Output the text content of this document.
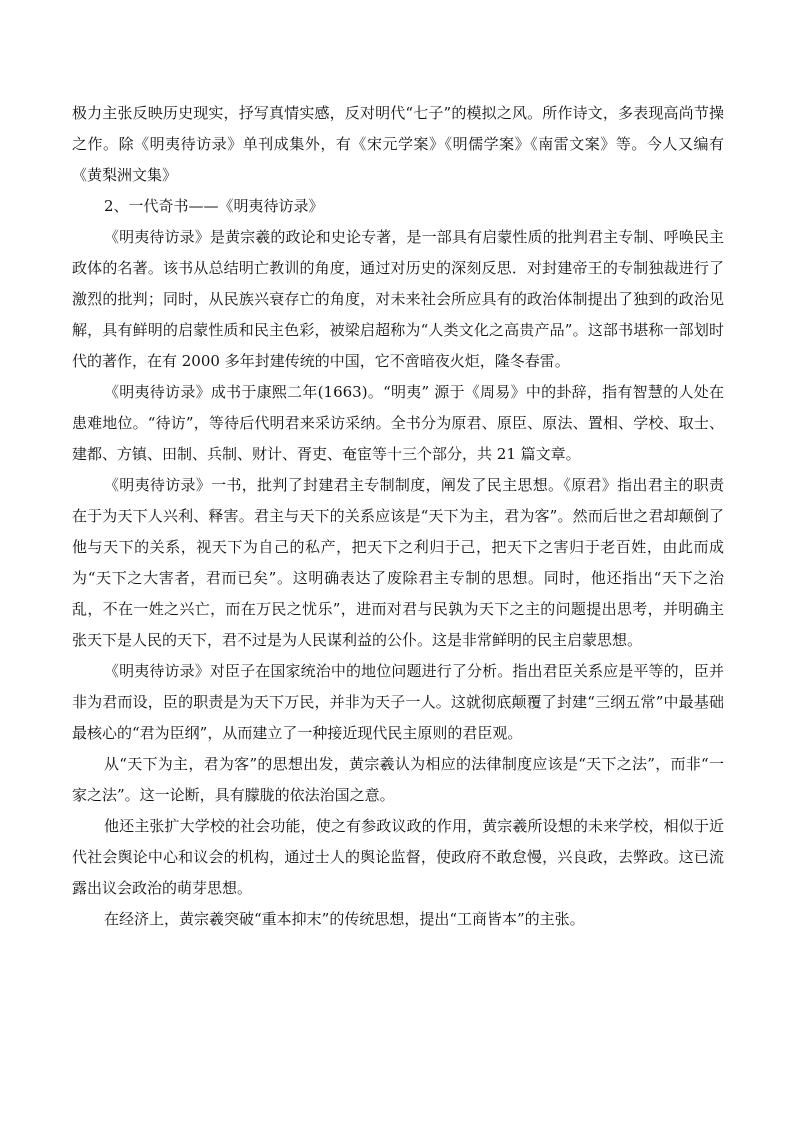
极力主张反映历史现实，抒写真情实感，反对明代“七子”的模拟之风。所作诗文，多表现高尚节操之作。除《明夷待访录》单刊成集外，有《宋元学案》《明儒学案》《南雷文案》等。今人又编有《黄梨洲文集》

2、一代奇书——《明夷待访录》

《明夷待访录》是黄宗羲的政论和史论专著，是一部具有启蒙性质的批判君主专制、呼唤民主政体的名著。该书从总结明亡教训的角度，通过对历史的深刻反思．对封建帝王的专制独裁进行了激烈的批判；同时，从民族兴衰存亡的角度，对未来社会所应具有的政治体制提出了独到的政治见解，具有鲜明的启蒙性质和民主色彩，被梁启超称为“人类文化之高贵产品”。这部书堪称一部划时代的著作，在有 2000 多年封建传统的中国，它不啻暗夜火炬，隆冬春雷。

《明夷待访录》成书于康熙二年(1663)。“明夷” 源于《周易》中的卦辞，指有智慧的人处在患难地位。“待访”，等待后代明君来采访采纳。全书分为原君、原臣、原法、置相、学校、取士、建都、方镇、田制、兵制、财计、胥吏、奄宦等十三个部分，共 21 篇文章。

《明夷待访录》一书，批判了封建君主专制制度，阐发了民主思想。《原君》指出君主的职责在于为天下人兴利、释害。君主与天下的关系应该是“天下为主，君为客”。然而后世之君却颠倒了他与天下的关系，视天下为自己的私产，把天下之利归于己，把天下之害归于老百姓，由此而成为“天下之大害者，君而已矣”。这明确表达了废除君主专制的思想。同时，他还指出“天下之治乱，不在一姓之兴亡，而在万民之忧乐”，进而对君与民孰为天下之主的问题提出思考，并明确主张天下是人民的天下，君不过是为人民谋利益的公仆。这是非常鲜明的民主启蒙思想。

《明夷待访录》对臣子在国家统治中的地位问题进行了分析。指出君臣关系应是平等的，臣并非为君而设，臣的职责是为天下万民，并非为天子一人。这就彻底颠覆了封建“三纲五常”中最基础最核心的“君为臣纲”，从而建立了一种接近现代民主原则的君臣观。

从“天下为主，君为客”的思想出发，黄宗羲认为相应的法律制度应该是“天下之法”，而非“一家之法”。这一论断，具有朦胧的依法治国之意。

他还主张扩大学校的社会功能，使之有参政议政的作用，黄宗羲所设想的未来学校，相似于近代社会舆论中心和议会的机构，通过士人的舆论监督，使政府不敢怠慢，兴良政，去弊政。这已流露出议会政治的萌芽思想。

在经济上，黄宗羲突破“重本抑末”的传统思想，提出“工商皆本”的主张。
